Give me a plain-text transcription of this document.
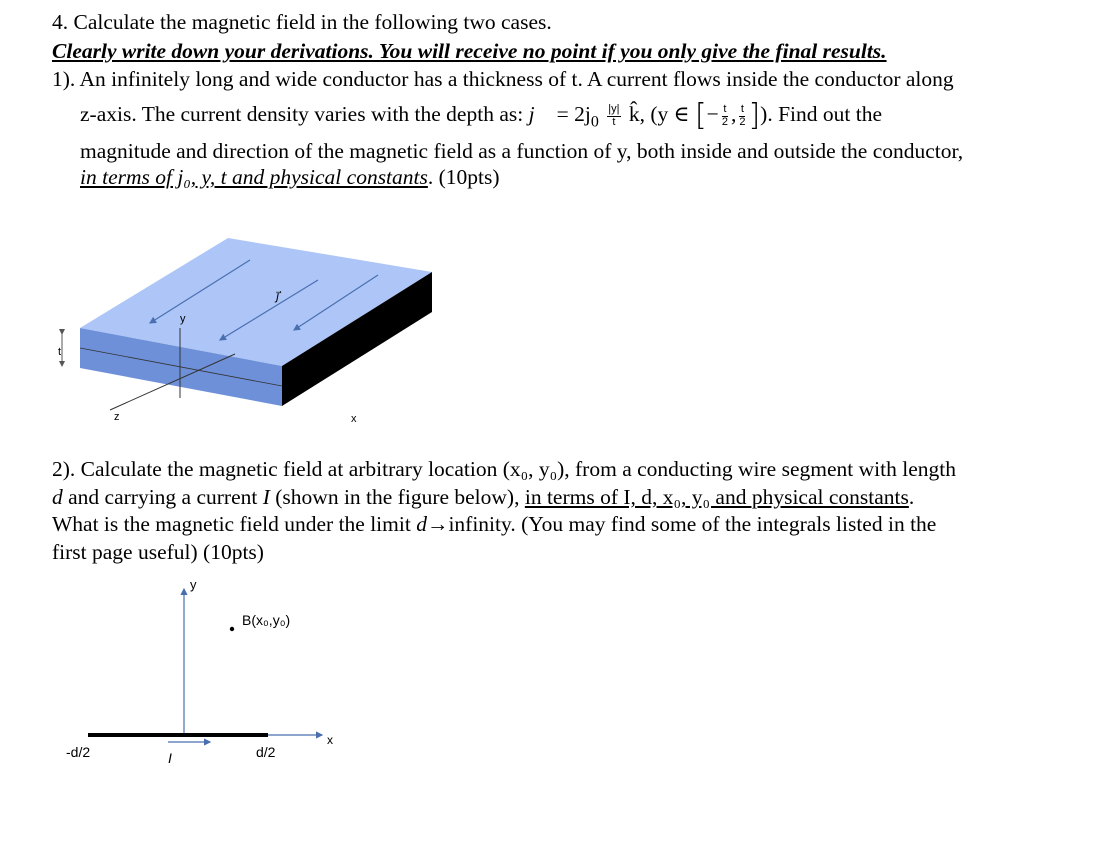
4. Calculate the magnetic field in the following two cases.
Clearly write down your derivations. You will receive no point if you only give the final results.
1). An infinitely long and wide conductor has a thickness of t. A current flows inside the conductor along
z-axis. The current density varies with the depth as: j⃗ = $2j_0 \frac{|y|}{t}$ k̂, (y ∈ [− $\frac{t}{2}$ , $\frac{t}{2}$ ]). Find out the
magnitude and direction of the magnetic field as a function of y, both inside and outside the conductor,
in terms of j₀, y, t and physical constants. (10pts)
j⃗
y
t
z	x
2). Calculate the magnetic field at arbitrary location (x₀, y₀), from a conducting wire segment with length
d and carrying a current I (shown in the figure below), in terms of I, d, x₀, y₀ and physical constants.
What is the magnetic field under the limit d→infinity. (You may find some of the integrals listed in the
first page useful) (10pts)
y
x
B(x₀,y₀)
-d/2	d/2
I
